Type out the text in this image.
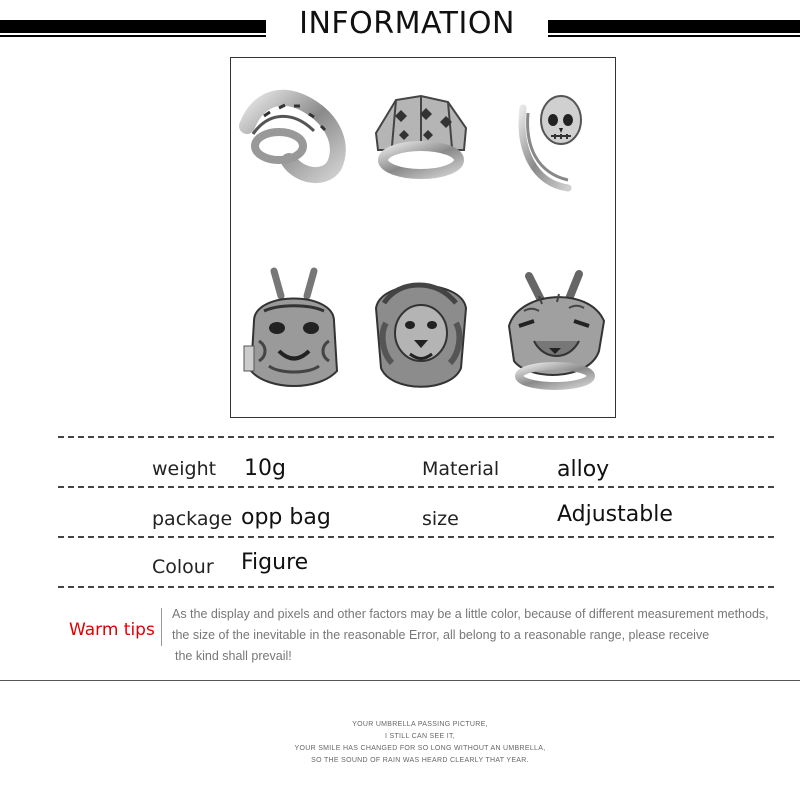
INFORMATION
weight 10g	Material	alloy
package opp bag	size	Adjustable
Colour Figure
Warm tips
As the display and pixels and other factors may be a little color, because of different measurement methods,
the size of the inevitable in the reasonable Error, all belong to a reasonable range, please receive
the kind shall prevail!
YOUR UMBRELLA PASSING PICTURE,
I STILL CAN SEE IT,
YOUR SMILE HAS CHANGED FOR SO LONG WITHOUT AN UMBRELLA,
SO THE SOUND OF RAIN WAS HEARD CLEARLY THAT YEAR.
